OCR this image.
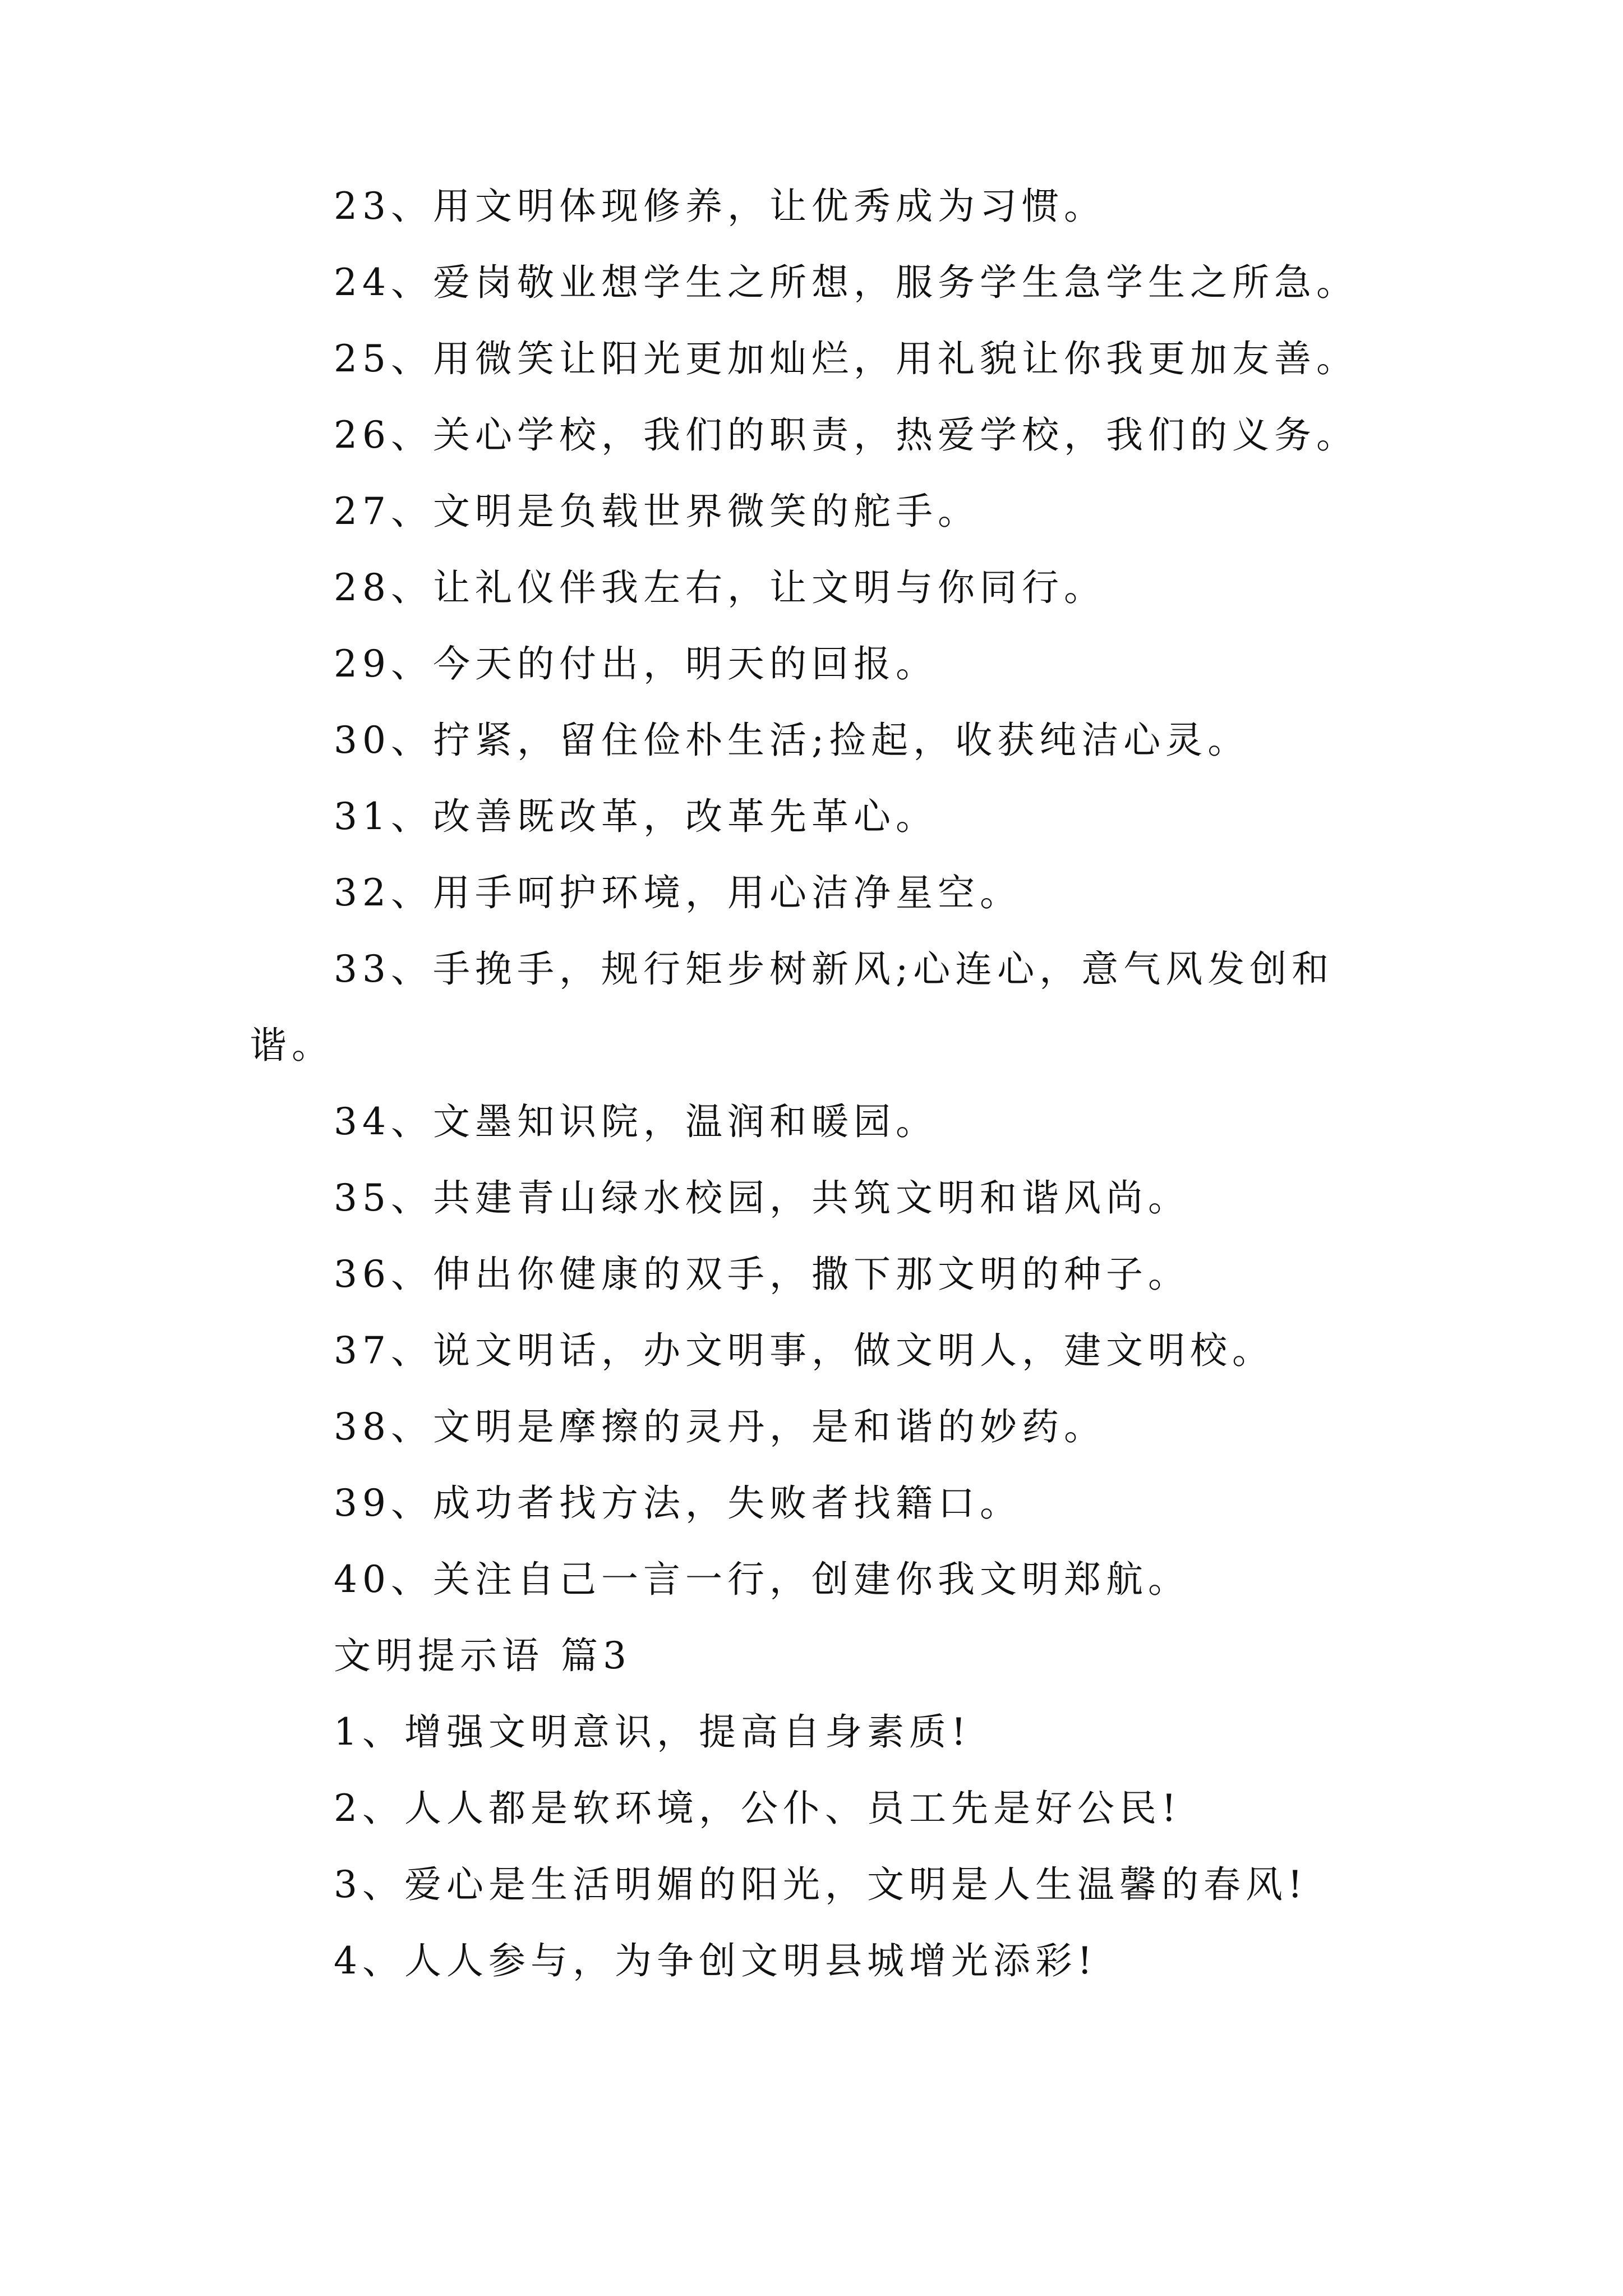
23、用文明体现修养，让优秀成为习惯。
24、爱岗敬业想学生之所想，服务学生急学生之所急。
25、用微笑让阳光更加灿烂，用礼貌让你我更加友善。
26、关心学校，我们的职责，热爱学校，我们的义务。
27、文明是负载世界微笑的舵手。
28、让礼仪伴我左右，让文明与你同行。
29、今天的付出，明天的回报。
30、拧紧，留住俭朴生活;捡起，收获纯洁心灵。
31、改善既改革，改革先革心。
32、用手呵护环境，用心洁净星空。
33、手挽手，规行矩步树新风;心连心，意气风发创和
谐。
34、文墨知识院，温润和暖园。
35、共建青山绿水校园，共筑文明和谐风尚。
36、伸出你健康的双手，撒下那文明的种子。
37、说文明话，办文明事，做文明人，建文明校。
38、文明是摩擦的灵丹，是和谐的妙药。
39、成功者找方法，失败者找籍口。
40、关注自己一言一行，创建你我文明郑航。
文明提示语 篇3
1、增强文明意识，提高自身素质!
2、人人都是软环境，公仆、员工先是好公民!
3、爱心是生活明媚的阳光，文明是人生温馨的春风!
4、人人参与，为争创文明县城增光添彩!
